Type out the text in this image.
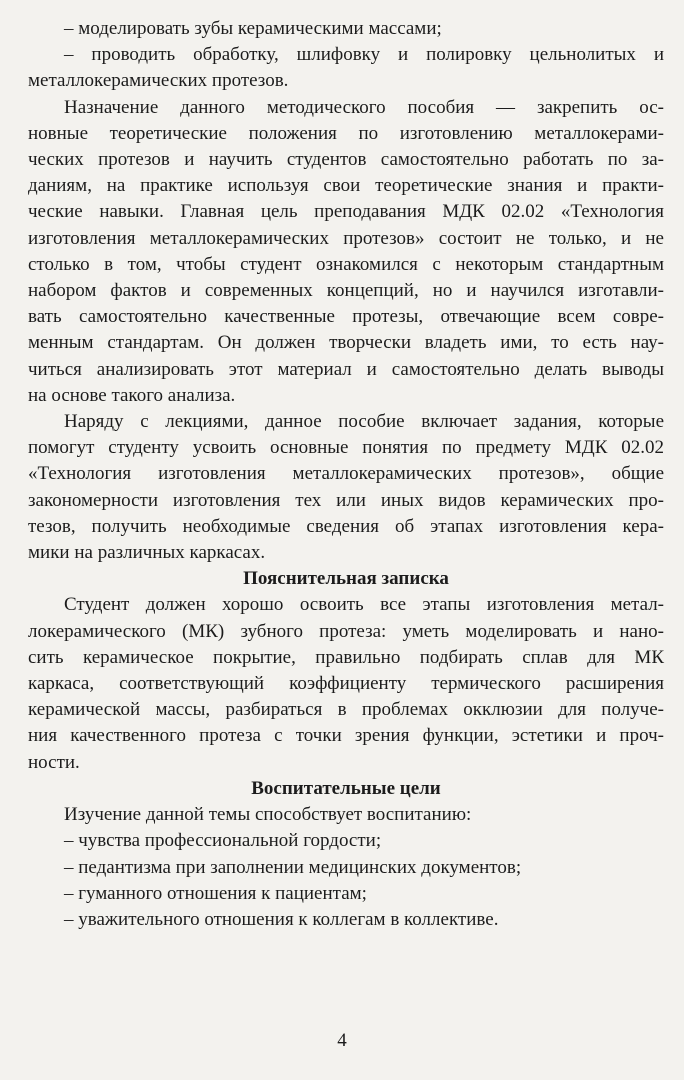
– моделировать зубы керамическими массами;
– проводить обработку, шлифовку и полировку цельнолитых и
металлокерамических протезов.
Назначение данного методического пособия — закрепить ос-
новные теоретические положения по изготовлению металлокерами-
ческих протезов и научить студентов самостоятельно работать по за-
даниям, на практике используя свои теоретические знания и практи-
ческие навыки. Главная цель преподавания МДК 02.02 «Технология
изготовления металлокерамических протезов» состоит не только, и не
столько в том, чтобы студент ознакомился с некоторым стандартным
набором фактов и современных концепций, но и научился изготавли-
вать самостоятельно качественные протезы, отвечающие всем совре-
менным стандартам. Он должен творчески владеть ими, то есть нау-
читься анализировать этот материал и самостоятельно делать выводы
на основе такого анализа.
Наряду с лекциями, данное пособие включает задания, которые
помогут студенту усвоить основные понятия по предмету МДК 02.02
«Технология изготовления металлокерамических протезов», общие
закономерности изготовления тех или иных видов керамических про-
тезов, получить необходимые сведения об этапах изготовления кера-
мики на различных каркасах.
Пояснительная записка
Студент должен хорошо освоить все этапы изготовления метал-
локерамического (МК) зубного протеза: уметь моделировать и нано-
сить керамическое покрытие, правильно подбирать сплав для МК
каркаса, соответствующий коэффициенту термического расширения
керамической массы, разбираться в проблемах окклюзии для получе-
ния качественного протеза с точки зрения функции, эстетики и проч-
ности.
Воспитательные цели
Изучение данной темы способствует воспитанию:
– чувства профессиональной гордости;
– педантизма при заполнении медицинских документов;
– гуманного отношения к пациентам;
– уважительного отношения к коллегам в коллективе.
4
